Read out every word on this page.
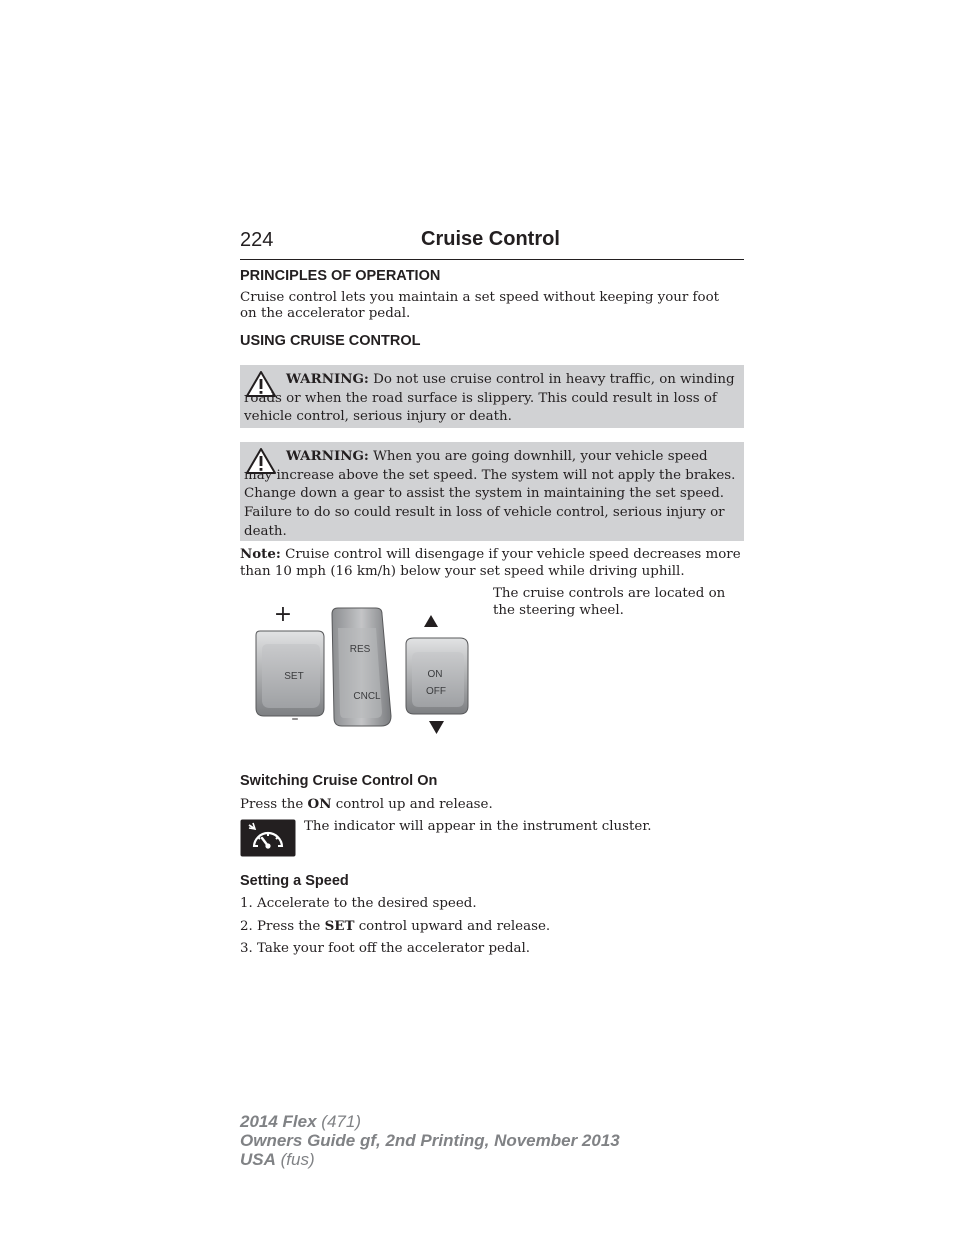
224	Cruise Control
PRINCIPLES OF OPERATION
Cruise control lets you maintain a set speed without keeping your foot
on the accelerator pedal.
USING CRUISE CONTROL
WARNING: Do not use cruise control in heavy traffic, on winding roads or when the road surface is slippery. This could result in loss of vehicle control, serious injury or death.
WARNING: When you are going downhill, your vehicle speed may increase above the set speed. The system will not apply the brakes. Change down a gear to assist the system in maintaining the set speed. Failure to do so could result in loss of vehicle control, serious injury or death.
Note: Cruise control will disengage if your vehicle speed decreases more
than 10 mph (16 km/h) below your set speed while driving uphill.
+
SET
–
RES
CNCL
ON
OFF
The cruise controls are located on
the steering wheel.
Switching Cruise Control On
Press the ON control up and release.
The indicator will appear in the instrument cluster.
Setting a Speed
1. Accelerate to the desired speed.
2. Press the SET control upward and release.
3. Take your foot off the accelerator pedal.
2014 Flex (471)
Owners Guide gf, 2nd Printing, November 2013
USA (fus)
